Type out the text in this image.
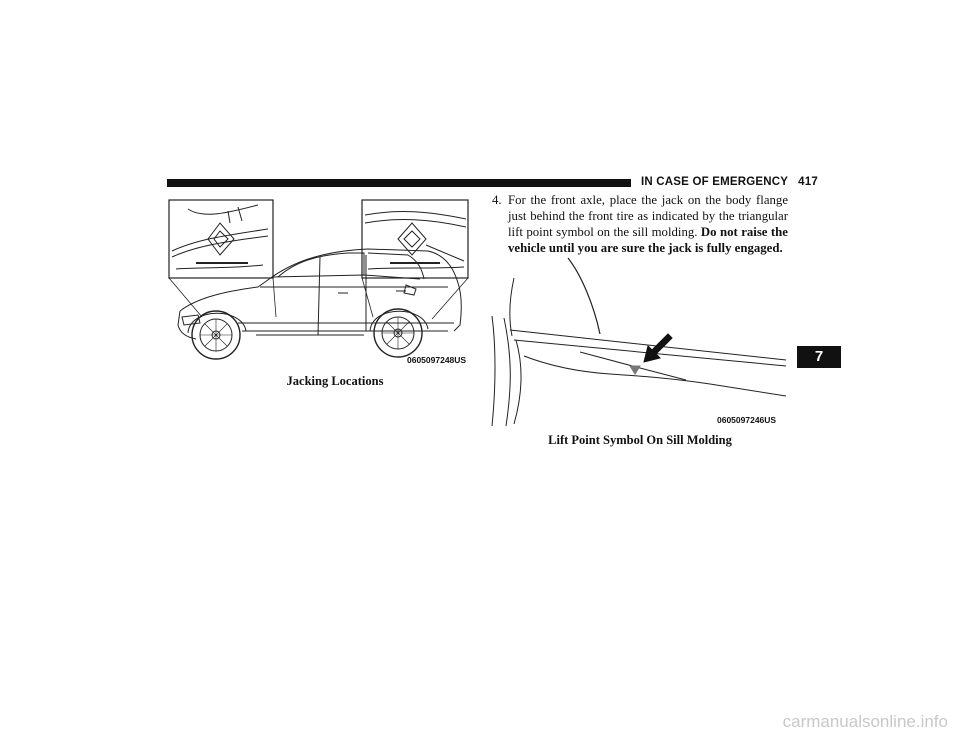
IN CASE OF EMERGENCY 417
0605097248US
Jacking Locations
4. For the front axle, place the jack on the body flange just behind the front tire as indicated by the triangular lift point symbol on the sill molding. Do not raise the vehicle until you are sure the jack is fully engaged.
0605097246US
Lift Point Symbol On Sill Molding
7
carmanualsonline.info
